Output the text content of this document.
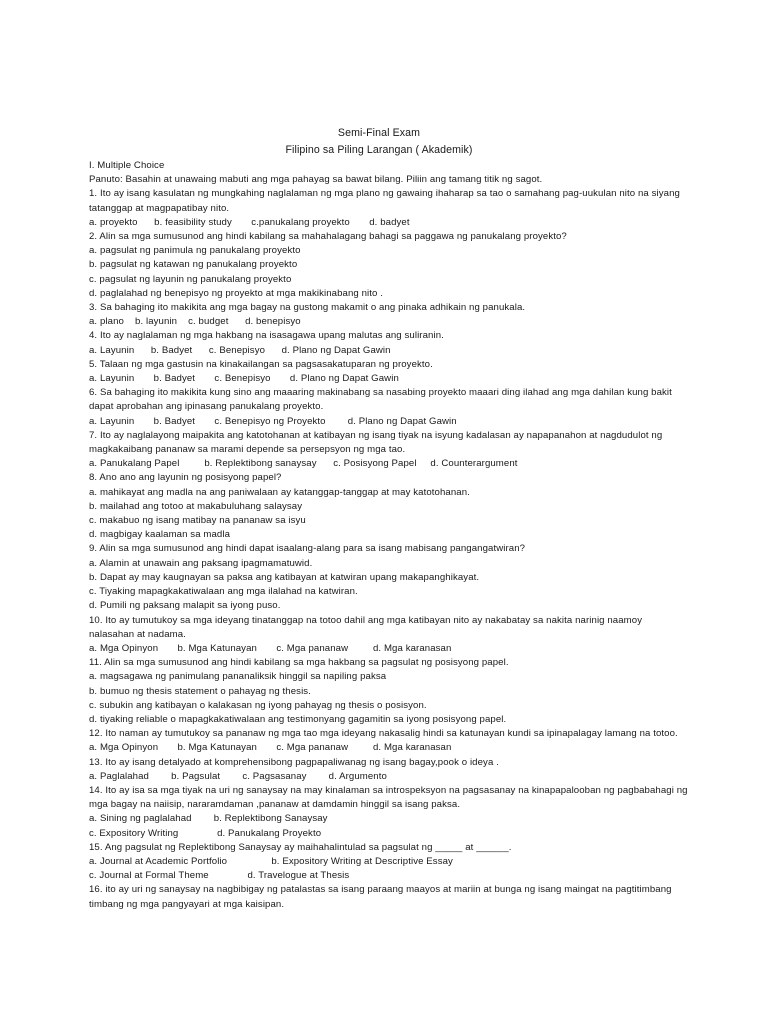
Semi-Final Exam
Filipino sa Piling Larangan ( Akademik)
I. Multiple Choice
Panuto: Basahin at unawaing mabuti ang mga pahayag sa bawat bilang. Piliin ang tamang titik ng sagot.
1. Ito ay isang kasulatan ng mungkahing naglalaman ng mga plano ng gawaing ihaharap sa tao o samahang pag-uukulan nito na siyang tatanggap at magpapatibay nito.
a. proyekto      b. feasibility study       c.panukalang proyekto       d. badyet
2. Alin sa mga sumusunod ang hindi kabilang sa mahahalagang bahagi sa paggawa ng panukalang proyekto?
a. pagsulat ng panimula ng panukalang proyekto
b. pagsulat ng katawan ng panukalang proyekto
c. pagsulat ng layunin ng panukalang proyekto
d. paglalahad ng benepisyo ng proyekto at mga makikinabang nito .
3. Sa bahaging ito makikita ang mga bagay na gustong makamit o ang pinaka adhikain ng panukala.
a. plano    b. layunin    c. budget      d. benepisyo
4. Ito ay naglalaman ng mga hakbang na isasagawa upang malutas ang suliranin.
a. Layunin      b. Badyet      c. Benepisyo      d. Plano ng Dapat Gawin
5. Talaan ng mga gastusin na kinakailangan sa pagsasakatuparan ng proyekto.
a. Layunin       b. Badyet       c. Benepisyo       d. Plano ng Dapat Gawin
6. Sa bahaging ito makikita kung sino ang maaaring makinabang sa nasabing proyekto maaari ding ilahad ang mga dahilan kung bakit dapat aprobahan ang ipinasang panukalang proyekto.
a. Layunin       b. Badyet       c. Benepisyo ng Proyekto        d. Plano ng Dapat Gawin
7. Ito ay naglalayong maipakita ang katotohanan at katibayan ng isang tiyak na isyung kadalasan ay napapanahon at nagdudulot ng magkakaibang pananaw sa marami depende sa persepsyon ng mga tao.
a. Panukalang Papel         b. Replektibong sanaysay      c. Posisyong Papel     d. Counterargument
8. Ano ano ang layunin ng posisyong papel?
a. mahikayat ang madla na ang paniwalaan ay katanggap-tanggap at may katotohanan.
b. mailahad ang totoo at makabuluhang salaysay
c. makabuo ng isang matibay na pananaw sa isyu
d. magbigay kaalaman sa madla
9. Alin sa mga sumusunod ang hindi dapat isaalang-alang para sa isang mabisang pangangatwiran?
a. Alamin at unawain ang paksang ipagmamatuwid.
b. Dapat ay may kaugnayan sa paksa ang katibayan at katwiran upang makapanghikayat.
c. Tiyaking mapagkakatiwalaan ang mga ilalahad na katwiran.
d. Pumili ng paksang malapit sa iyong puso.
10. Ito ay tumutukoy sa mga ideyang tinatanggap na totoo dahil ang mga katibayan nito ay nakabatay sa nakita narinig naamoy nalasahan at nadama.
a. Mga Opinyon       b. Mga Katunayan       c. Mga pananaw         d. Mga karanasan
11. Alin sa mga sumusunod ang hindi kabilang sa mga hakbang sa pagsulat ng posisyong papel.
a. magsagawa ng panimulang pananaliksik hinggil sa napiling paksa
b. bumuo ng thesis statement o pahayag ng thesis.
c. subukin ang katibayan o kalakasan ng iyong pahayag ng thesis o posisyon.
d. tiyaking reliable o mapagkakatiwalaan ang testimonyang gagamitin sa iyong posisyong papel.
12. Ito naman ay tumutukoy sa pananaw ng mga tao mga ideyang nakasalig hindi sa katunayan kundi sa ipinapalagay lamang na totoo.
a. Mga Opinyon       b. Mga Katunayan       c. Mga pananaw         d. Mga karanasan
13. Ito ay isang detalyado at komprehensibong pagpapaliwanag ng isang bagay,pook o ideya .
a. Paglalahad        b. Pagsulat        c. Pagsasanay        d. Argumento
14. Ito ay isa sa mga tiyak na uri ng sanaysay na may kinalaman sa introspeksyon na pagsasanay na kinapapalooban ng pagbabahagi ng mga bagay na naiisip, nararamdaman ,pananaw at damdamin hinggil sa isang paksa.
a. Sining ng paglalahad        b. Replektibong Sanaysay
c. Expository Writing              d. Panukalang Proyekto
15. Ang pagsulat ng Replektibong Sanaysay ay maihahalintulad sa pagsulat ng _____ at ______.
a. Journal at Academic Portfolio                b. Expository Writing at Descriptive Essay
c. Journal at Formal Theme              d. Travelogue at Thesis
16. ito ay uri ng sanaysay na nagbibigay ng patalastas sa isang paraang maayos at mariin at bunga ng isang maingat na pagtitimbang timbang ng mga pangyayari at mga kaisipan.
